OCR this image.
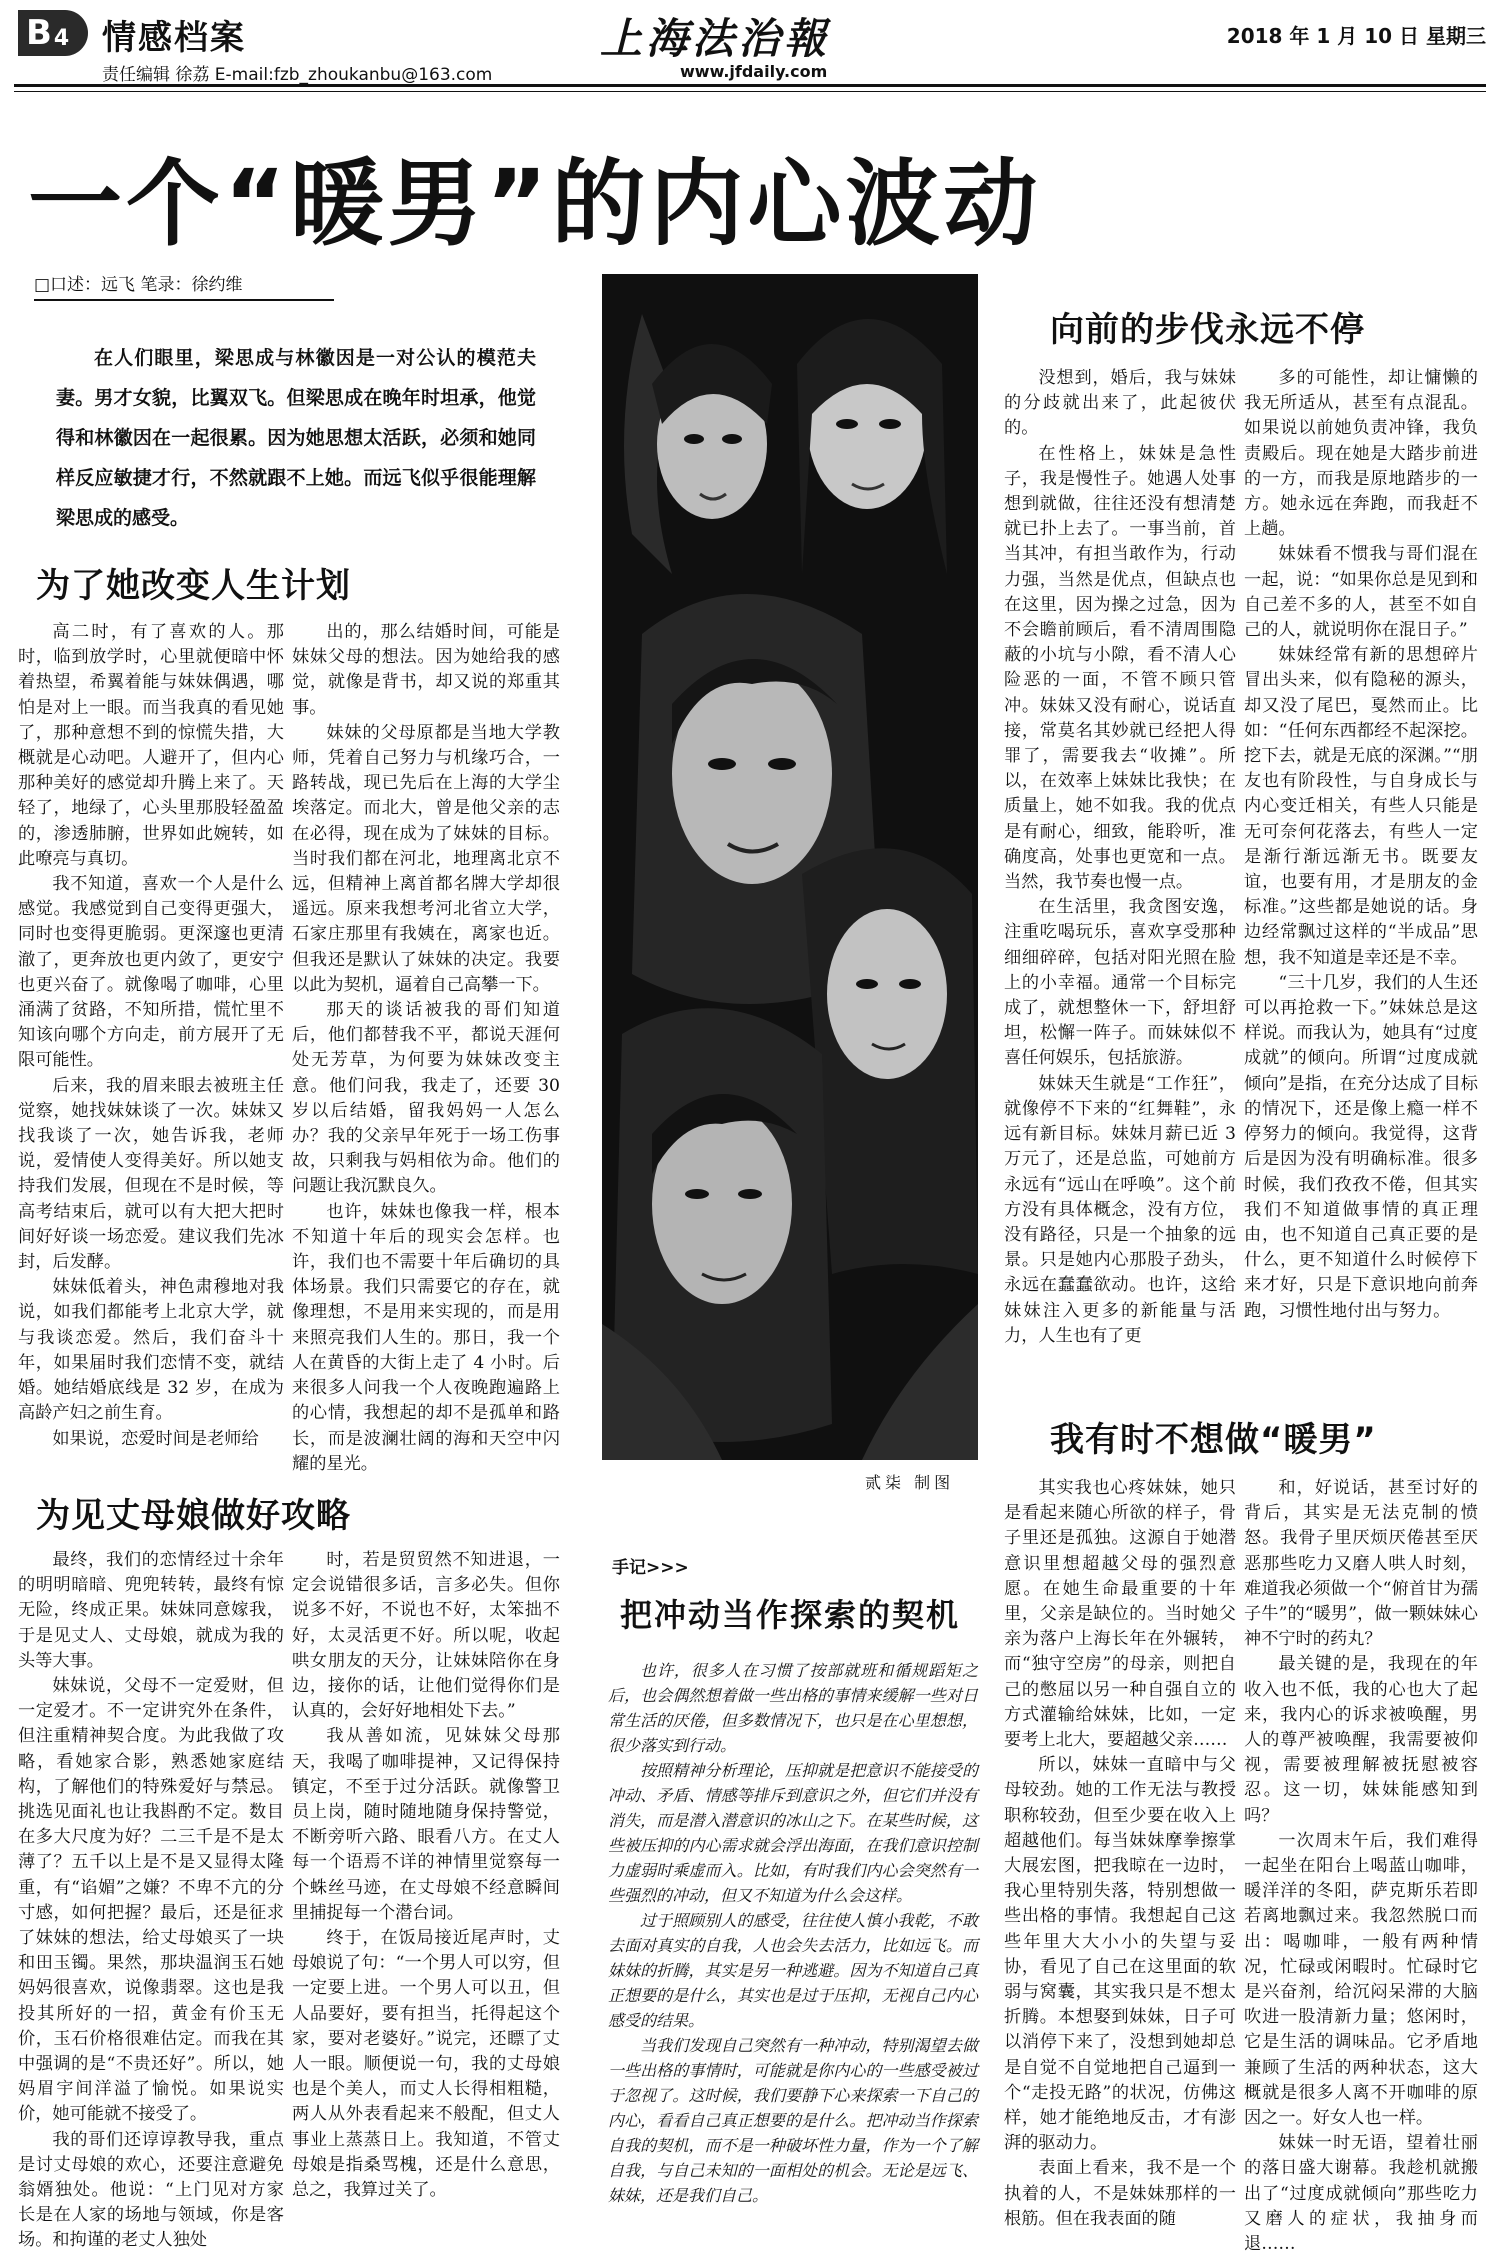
B 4 情感档案
责任编辑 徐荔 E-mail:fzb_zhoukanbu@163.com
上海法治報
www.jfdaily.com
2018 年 1 月 10 日 星期三
一个“暖男”的内心波动
□口述：远飞 笔录：徐约维
在人们眼里，梁思成与林徽因是一对公认的模范夫妻。男才女貌，比翼双飞。但梁思成在晚年时坦承，他觉得和林徽因在一起很累。因为她思想太活跃，必须和她同样反应敏捷才行，不然就跟不上她。而远飞似乎很能理解梁思成的感受。
为了她改变人生计划

高二时，有了喜欢的人。那时，临到放学时，心里就便暗中怀着热望，希翼着能与妹妹偶遇，哪怕是对上一眼。而当我真的看见她了，那种意想不到的惊慌失措，大概就是心动吧。人避开了，但内心那种美好的感觉却升腾上来了。天轻了，地绿了，心头里那股轻盈盈的，渗透肺腑，世界如此婉转，如此嘹亮与真切。

我不知道，喜欢一个人是什么感觉。我感觉到自己变得更强大，同时也变得更脆弱。更深邃也更清澈了，更奔放也更内敛了，更安宁也更兴奋了。就像喝了咖啡，心里涌满了贫路，不知所措，慌忙里不知该向哪个方向走，前方展开了无限可能性。

后来，我的眉来眼去被班主任觉察，她找妹妹谈了一次。妹妹又找我谈了一次，她告诉我，老师说，爱情使人变得美好。所以她支持我们发展，但现在不是时候，等高考结束后，就可以有大把大把时间好好谈一场恋爱。建议我们先冰封，后发酵。

妹妹低着头，神色肃穆地对我说，如我们都能考上北京大学，就与我谈恋爱。然后，我们奋斗十年，如果届时我们恋情不变，就结婚。她结婚底线是 32 岁，在成为高龄产妇之前生育。

如果说，恋爱时间是老师给

出的，那么结婚时间，可能是妹妹父母的想法。因为她给我的感觉，就像是背书，却又说的郑重其事。

妹妹的父母原都是当地大学教师，凭着自己努力与机缘巧合，一路转战，现已先后在上海的大学尘埃落定。而北大，曾是他父亲的志在必得，现在成为了妹妹的目标。当时我们都在河北，地理离北京不远，但精神上离首都名牌大学却很遥远。原来我想考河北省立大学，石家庄那里有我姨在，离家也近。但我还是默认了妹妹的决定。我要以此为契机，逼着自己高攀一下。

那天的谈话被我的哥们知道后，他们都替我不平，都说天涯何处无芳草，为何要为妹妹改变主意。他们问我，我走了，还要 30 岁以后结婚，留我妈妈一人怎么办？我的父亲早年死于一场工伤事故，只剩我与妈相依为命。他们的问题让我沉默良久。

也许，妹妹也像我一样，根本不知道十年后的现实会怎样。也许，我们也不需要十年后确切的具体场景。我们只需要它的存在，就像理想，不是用来实现的，而是用来照亮我们人生的。那日，我一个人在黄昏的大街上走了 4 小时。后来很多人问我一个人夜晚跑遍路上的心情，我想起的却不是孤单和路长，而是波澜壮阔的海和天空中闪耀的星光。

为见丈母娘做好攻略

最终，我们的恋情经过十余年的明明暗暗、兜兜转转，最终有惊无险，终成正果。妹妹同意嫁我，于是见丈人、丈母娘，就成为我的头等大事。

妹妹说，父母不一定爱财，但一定爱才。不一定讲究外在条件，但注重精神契合度。为此我做了攻略，看她家合影，熟悉她家庭结构，了解他们的特殊爱好与禁忌。挑选见面礼也让我斟酌不定。数目在多大尺度为好？二三千是不是太薄了？五千以上是不是又显得太隆重，有“谄媚”之嫌？不卑不亢的分寸感，如何把握？最后，还是征求了妹妹的想法，给丈母娘买了一块和田玉镯。果然，那块温润玉石她妈妈很喜欢，说像翡翠。这也是我投其所好的一招，黄金有价玉无价，玉石价格很难估定。而我在其中强调的是“不贵还好”。所以，她妈眉宇间洋溢了愉悦。如果说实价，她可能就不接受了。

我的哥们还谆谆教导我，重点是讨丈母娘的欢心，还要注意避免翁婿独处。他说：“上门见对方家长是在人家的场地与领域，你是客场。和拘谨的老丈人独处

时，若是贸贸然不知进退，一定会说错很多话，言多必失。但你说多不好，不说也不好，太笨拙不好，太灵活更不好。所以呢，收起哄女朋友的天分，让妹妹陪你在身边，接你的话，让他们觉得你们是认真的，会好好地相处下去。”

我从善如流，见妹妹父母那天，我喝了咖啡提神，又记得保持镇定，不至于过分活跃。就像警卫员上岗，随时随地随身保持警觉，不断旁听六路、眼看八方。在丈人每一个语焉不详的神情里觉察每一个蛛丝马迹，在丈母娘不经意瞬间里捕捉每一个潜台词。

终于，在饭局接近尾声时，丈母娘说了句：“一个男人可以穷，但一定要上进。一个男人可以丑，但人品要好，要有担当，托得起这个家，要对老婆好。”说完，还瞟了丈人一眼。顺便说一句，我的丈母娘也是个美人，而丈人长得相粗糙，两人从外表看起来不般配，但丈人事业上蒸蒸日上。我知道，不管丈母娘是指桑骂槐，还是什么意思，总之，我算过关了。

贰柒 制图
手记>>>
把冲动当作探索的契机

也许，很多人在习惯了按部就班和循规蹈矩之后，也会偶然想着做一些出格的事情来缓解一些对日常生活的厌倦，但多数情况下，也只是在心里想想，很少落实到行动。

按照精神分析理论，压抑就是把意识不能接受的冲动、矛盾、情感等排斥到意识之外，但它们并没有消失，而是潜入潜意识的冰山之下。在某些时候，这些被压抑的内心需求就会浮出海面，在我们意识控制力虚弱时乘虚而入。比如，有时我们内心会突然有一些强烈的冲动，但又不知道为什么会这样。

过于照顾别人的感受，往往使人慎小我乾，不敢去面对真实的自我，人也会失去活力，比如远飞。而妹妹的折腾，其实是另一种逃避。因为不知道自己真正想要的是什么，其实也是过于压抑，无视自己内心感受的结果。

当我们发现自己突然有一种冲动，特别渴望去做一些出格的事情时，可能就是你内心的一些感受被过于忽视了。这时候，我们要静下心来探索一下自己的内心，看看自己真正想要的是什么。把冲动当作探索自我的契机，而不是一种破坏性力量，作为一个了解自我，与自己未知的一面相处的机会。无论是远飞、妹妹，还是我们自己。

向前的步伐永远不停

没想到，婚后，我与妹妹的分歧就出来了，此起彼伏的。

在性格上，妹妹是急性子，我是慢性子。她遇人处事想到就做，往往还没有想清楚就已扑上去了。一事当前，首当其冲，有担当敢作为，行动力强，当然是优点，但缺点也在这里，因为操之过急，因为不会瞻前顾后，看不清周围隐蔽的小坑与小隙，看不清人心险恶的一面，不管不顾只管冲。妹妹又没有耐心，说话直接，常莫名其妙就已经把人得罪了，需要我去“收摊”。所以，在效率上妹妹比我快；在质量上，她不如我。我的优点是有耐心，细致，能聆听，准确度高，处事也更宽和一点。当然，我节奏也慢一点。

在生活里，我贪图安逸，注重吃喝玩乐，喜欢享受那种细细碎碎，包括对阳光照在脸上的小幸福。通常一个目标完成了，就想整休一下，舒坦舒坦，松懈一阵子。而妹妹似不喜任何娱乐，包括旅游。

妹妹天生就是“工作狂”，就像停不下来的“红舞鞋”，永远有新目标。妹妹月薪已近 3 万元了，还是总监，可她前方永远有“远山在呼唤”。这个前方没有具体概念，没有方位，没有路径，只是一个抽象的远景。只是她内心那股子劲头，永远在蠢蠢欲动。也许，这给妹妹注入更多的新能量与活力，人生也有了更

多的可能性，却让慵懒的我无所适从，甚至有点混乱。如果说以前她负责冲锋，我负责殿后。现在她是大踏步前进的一方，而我是原地踏步的一方。她永远在奔跑，而我赶不上趟。

妹妹看不惯我与哥们混在一起，说：“如果你总是见到和自己差不多的人，甚至不如自己的人，就说明你在混日子。”

妹妹经常有新的思想碎片冒出头来，似有隐秘的源头，却又没了尾巴，戛然而止。比如：“任何东西都经不起深挖。挖下去，就是无底的深渊。”“朋友也有阶段性，与自身成长与内心变迁相关，有些人只能是无可奈何花落去，有些人一定是渐行渐远渐无书。既要友谊，也要有用，才是朋友的金标准。”这些都是她说的话。身边经常飘过这样的“半成品”思想，我不知道是幸还是不幸。

“三十几岁，我们的人生还可以再抢救一下。”妹妹总是这样说。而我认为，她具有“过度成就”的倾向。所谓“过度成就倾向”是指，在充分达成了目标的情况下，还是像上瘾一样不停努力的倾向。我觉得，这背后是因为没有明确标准。很多时候，我们孜孜不倦，但其实我们不知道做事情的真正理由，也不知道自己真正要的是什么，更不知道什么时候停下来才好，只是下意识地向前奔跑，习惯性地付出与努力。

我有时不想做“暖男”

其实我也心疼妹妹，她只是看起来随心所欲的样子，骨子里还是孤独。这源自于她潜意识里想超越父母的强烈意愿。在她生命最重要的十年里，父亲是缺位的。当时她父亲为落户上海长年在外辗转，而“独守空房”的母亲，则把自己的憋屈以另一种自强自立的方式灌输给妹妹，比如，一定要考上北大，要超越父亲……

所以，妹妹一直暗中与父母较劲。她的工作无法与教授职称较劲，但至少要在收入上超越他们。每当妹妹摩拳擦掌大展宏图，把我晾在一边时，我心里特别失落，特别想做一些出格的事情。我想起自己这些年里大大小小的失望与妥协，看见了自己在这里面的软弱与窝囊，其实我只是不想太折腾。本想娶到妹妹，日子可以消停下来了，没想到她却总是自觉不自觉地把自己逼到一个“走投无路”的状况，仿佛这样，她才能绝地反击，才有澎湃的驱动力。

表面上看来，我不是一个执着的人，不是妹妹那样的一根筋。但在我表面的随

和，好说话，甚至讨好的背后，其实是无法克制的愤怒。我骨子里厌烦厌倦甚至厌恶那些吃力又磨人哄人时刻，难道我必须做一个“俯首甘为孺子牛”的“暖男”，做一颗妹妹心神不宁时的药丸？

最关键的是，我现在的年收入也不低，我的心也大了起来，我内心的诉求被唤醒，男人的尊严被唤醒，我需要被仰视，需要被理解被抚慰被容忍。这一切，妹妹能感知到吗？

一次周末午后，我们难得一起坐在阳台上喝蓝山咖啡，暖洋洋的冬阳，萨克斯乐若即若离地飘过来。我忽然脱口而出：喝咖啡，一般有两种情况，忙碌或闲暇时。忙碌时它是兴奋剂，给沉闷呆滞的大脑吹进一股清新力量；悠闲时，它是生活的调味品。它矛盾地兼顾了生活的两种状态，这大概就是很多人离不开咖啡的原因之一。好女人也一样。

妹妹一时无语，望着壮丽的落日盛大谢幕。我趁机就搬出了“过度成就倾向”那些吃力又磨人的症状，我抽身而退……
